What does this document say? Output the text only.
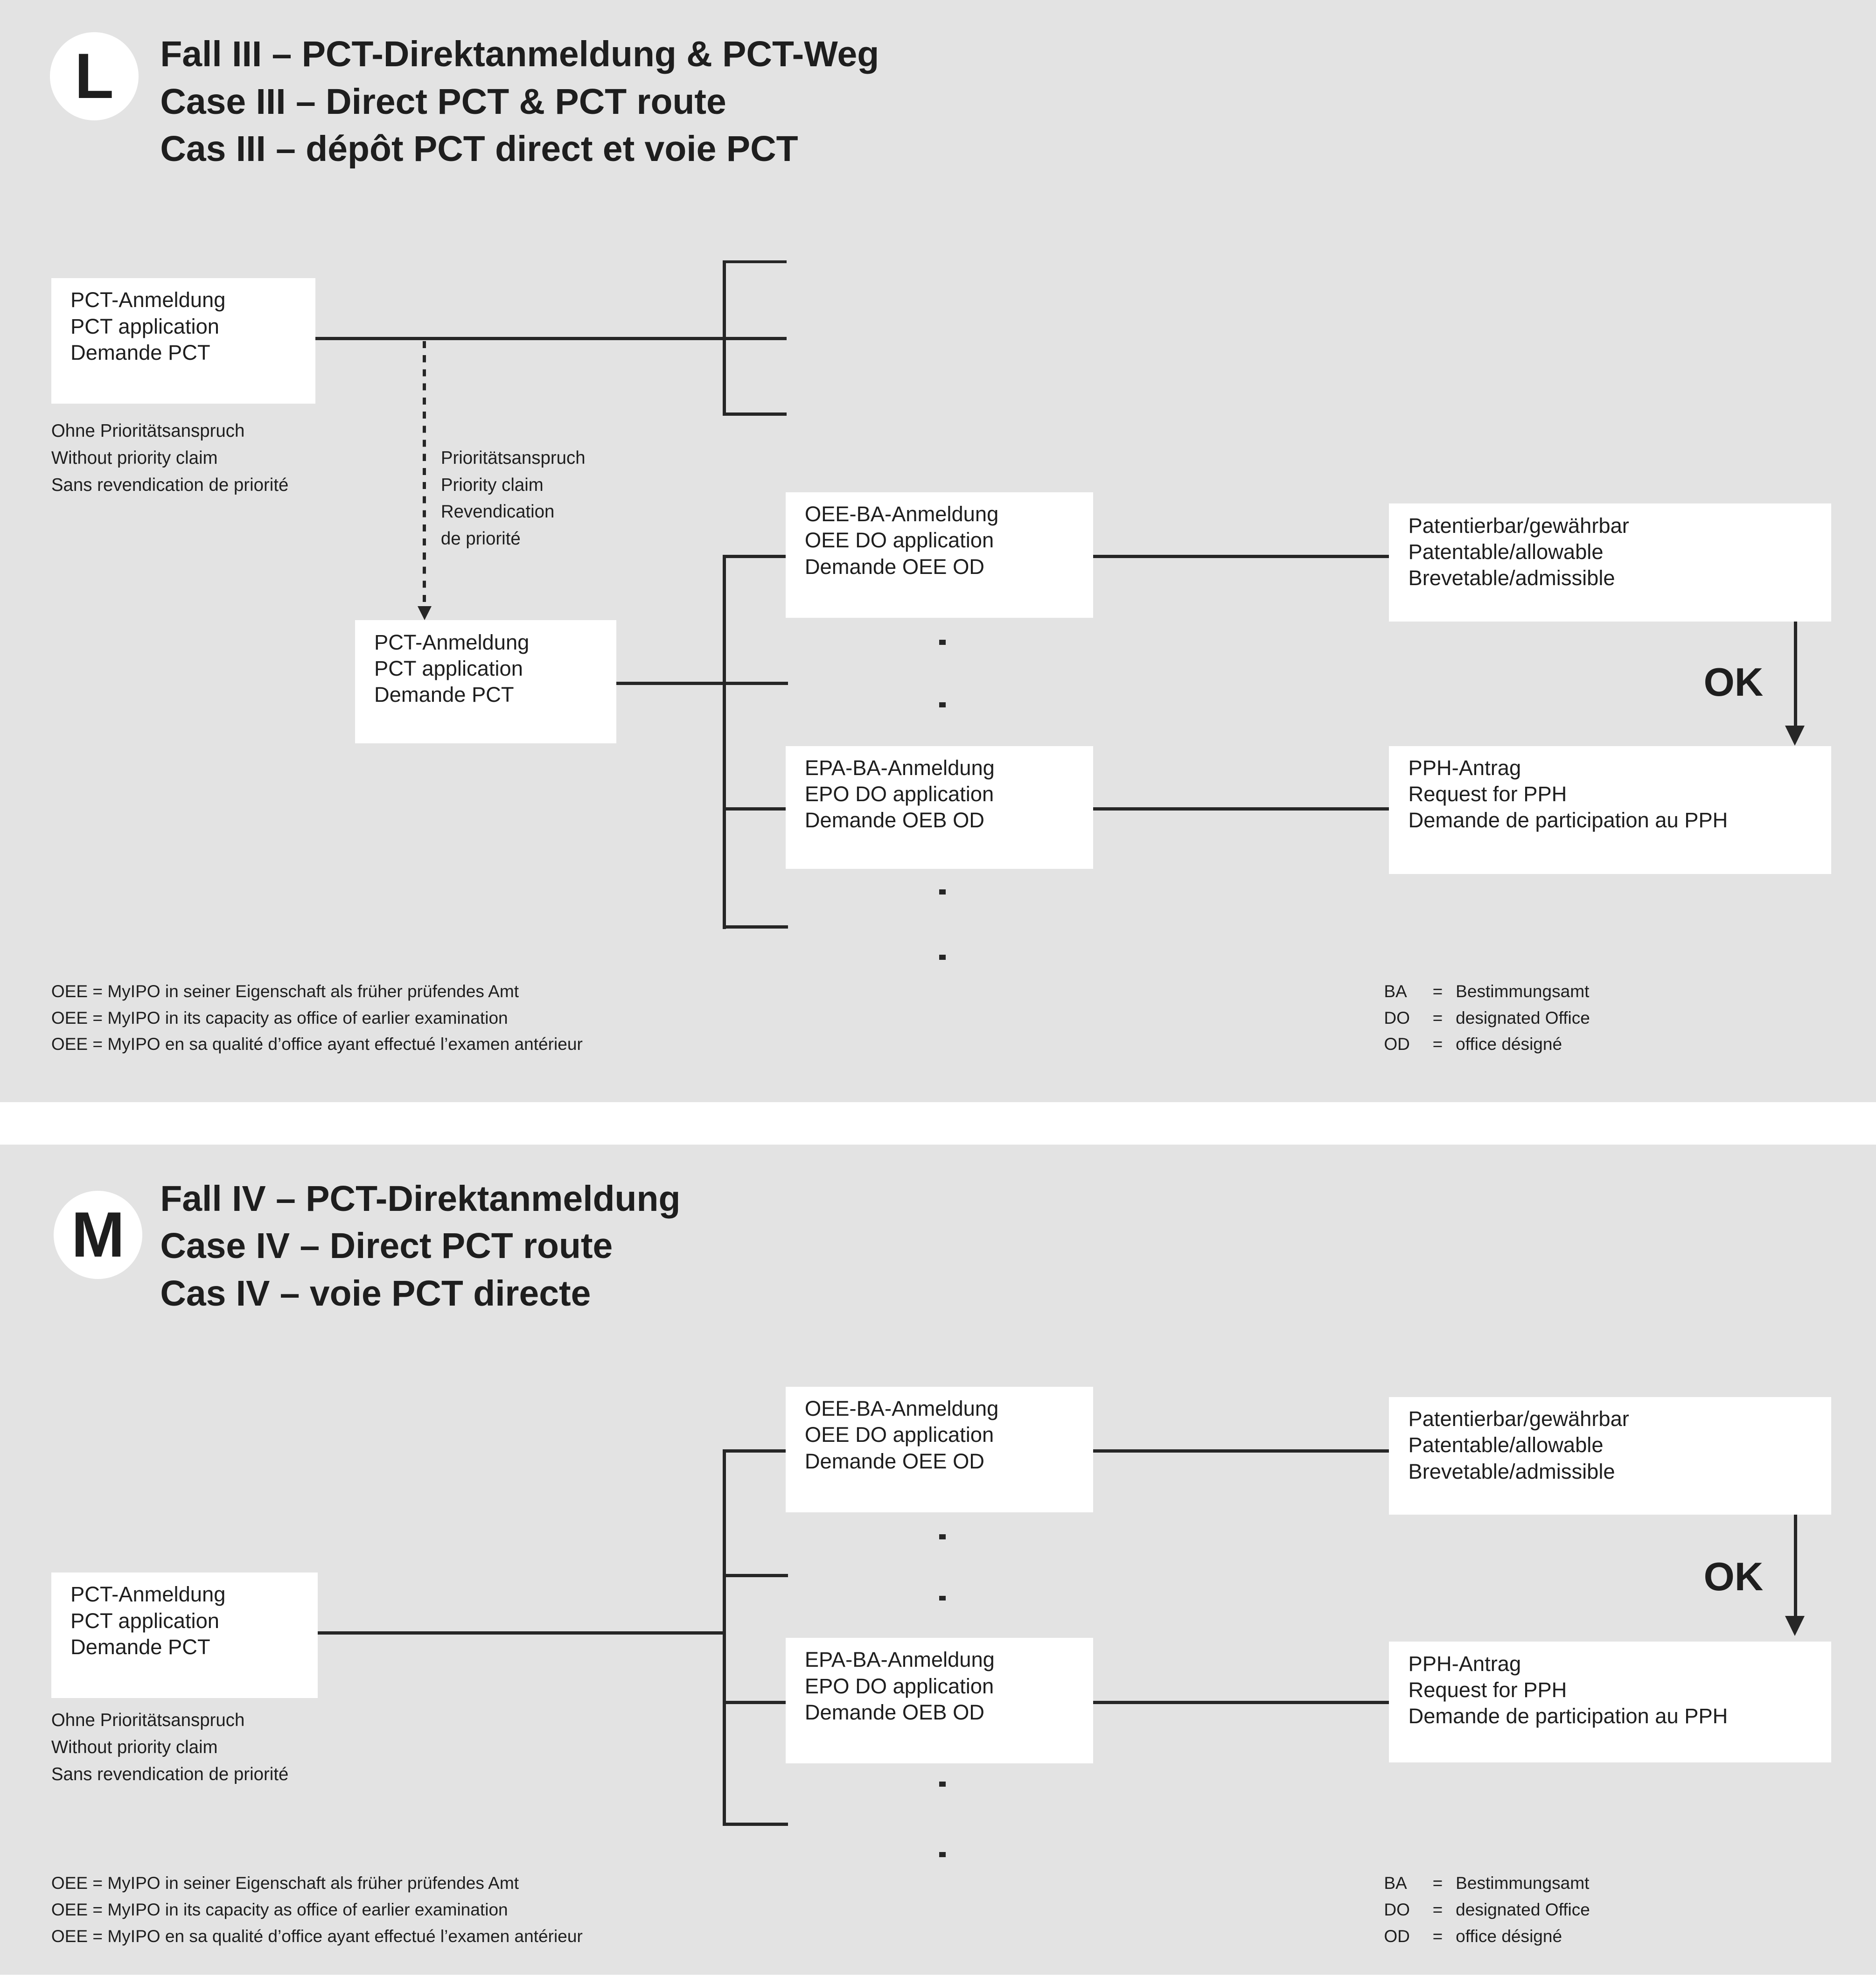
L	Fall III – PCT-Direktanmeldung & PCT-Weg
Case III – Direct PCT & PCT route
Cas III – dépôt PCT direct et voie PCT
PCT-Anmeldung
PCT application
Demande PCT
Ohne Prioritätsanspruch
Without priority claim
Sans revendication de priorité
Prioritätsanspruch
Priority claim
Revendication
de priorité
PCT-Anmeldung
PCT application
Demande PCT
OEE-BA-Anmeldung
OEE DO application
Demande OEE OD
EPA-BA-Anmeldung
EPO DO application
Demande OEB OD
Patentierbar/gewährbar
Patentable/allowable
Brevetable/admissible
OK
PPH-Antrag
Request for PPH
Demande de participation au PPH
OEE = MyIPO in seiner Eigenschaft als früher prüfendes Amt
OEE = MyIPO in its capacity as office of earlier examination
OEE = MyIPO en sa qualité d’office ayant effectué l’examen antérieur
BA	= Bestimmungsamt
DO	= designated Office
OD	= office désigné
M
Fall IV – PCT-Direktanmeldung
Case IV – Direct PCT route
Cas IV – voie PCT directe
PCT-Anmeldung
PCT application
Demande PCT
Ohne Prioritätsanspruch
Without priority claim
Sans revendication de priorité
OEE-BA-Anmeldung
OEE DO application
Demande OEE OD
EPA-BA-Anmeldung
EPO DO application
Demande OEB OD
Patentierbar/gewährbar
Patentable/allowable
Brevetable/admissible
OK
PPH-Antrag
Request for PPH
Demande de participation au PPH
OEE = MyIPO in seiner Eigenschaft als früher prüfendes Amt
OEE = MyIPO in its capacity as office of earlier examination
OEE = MyIPO en sa qualité d’office ayant effectué l’examen antérieur
BA	= Bestimmungsamt
DO	= designated Office
OD	= office désigné
